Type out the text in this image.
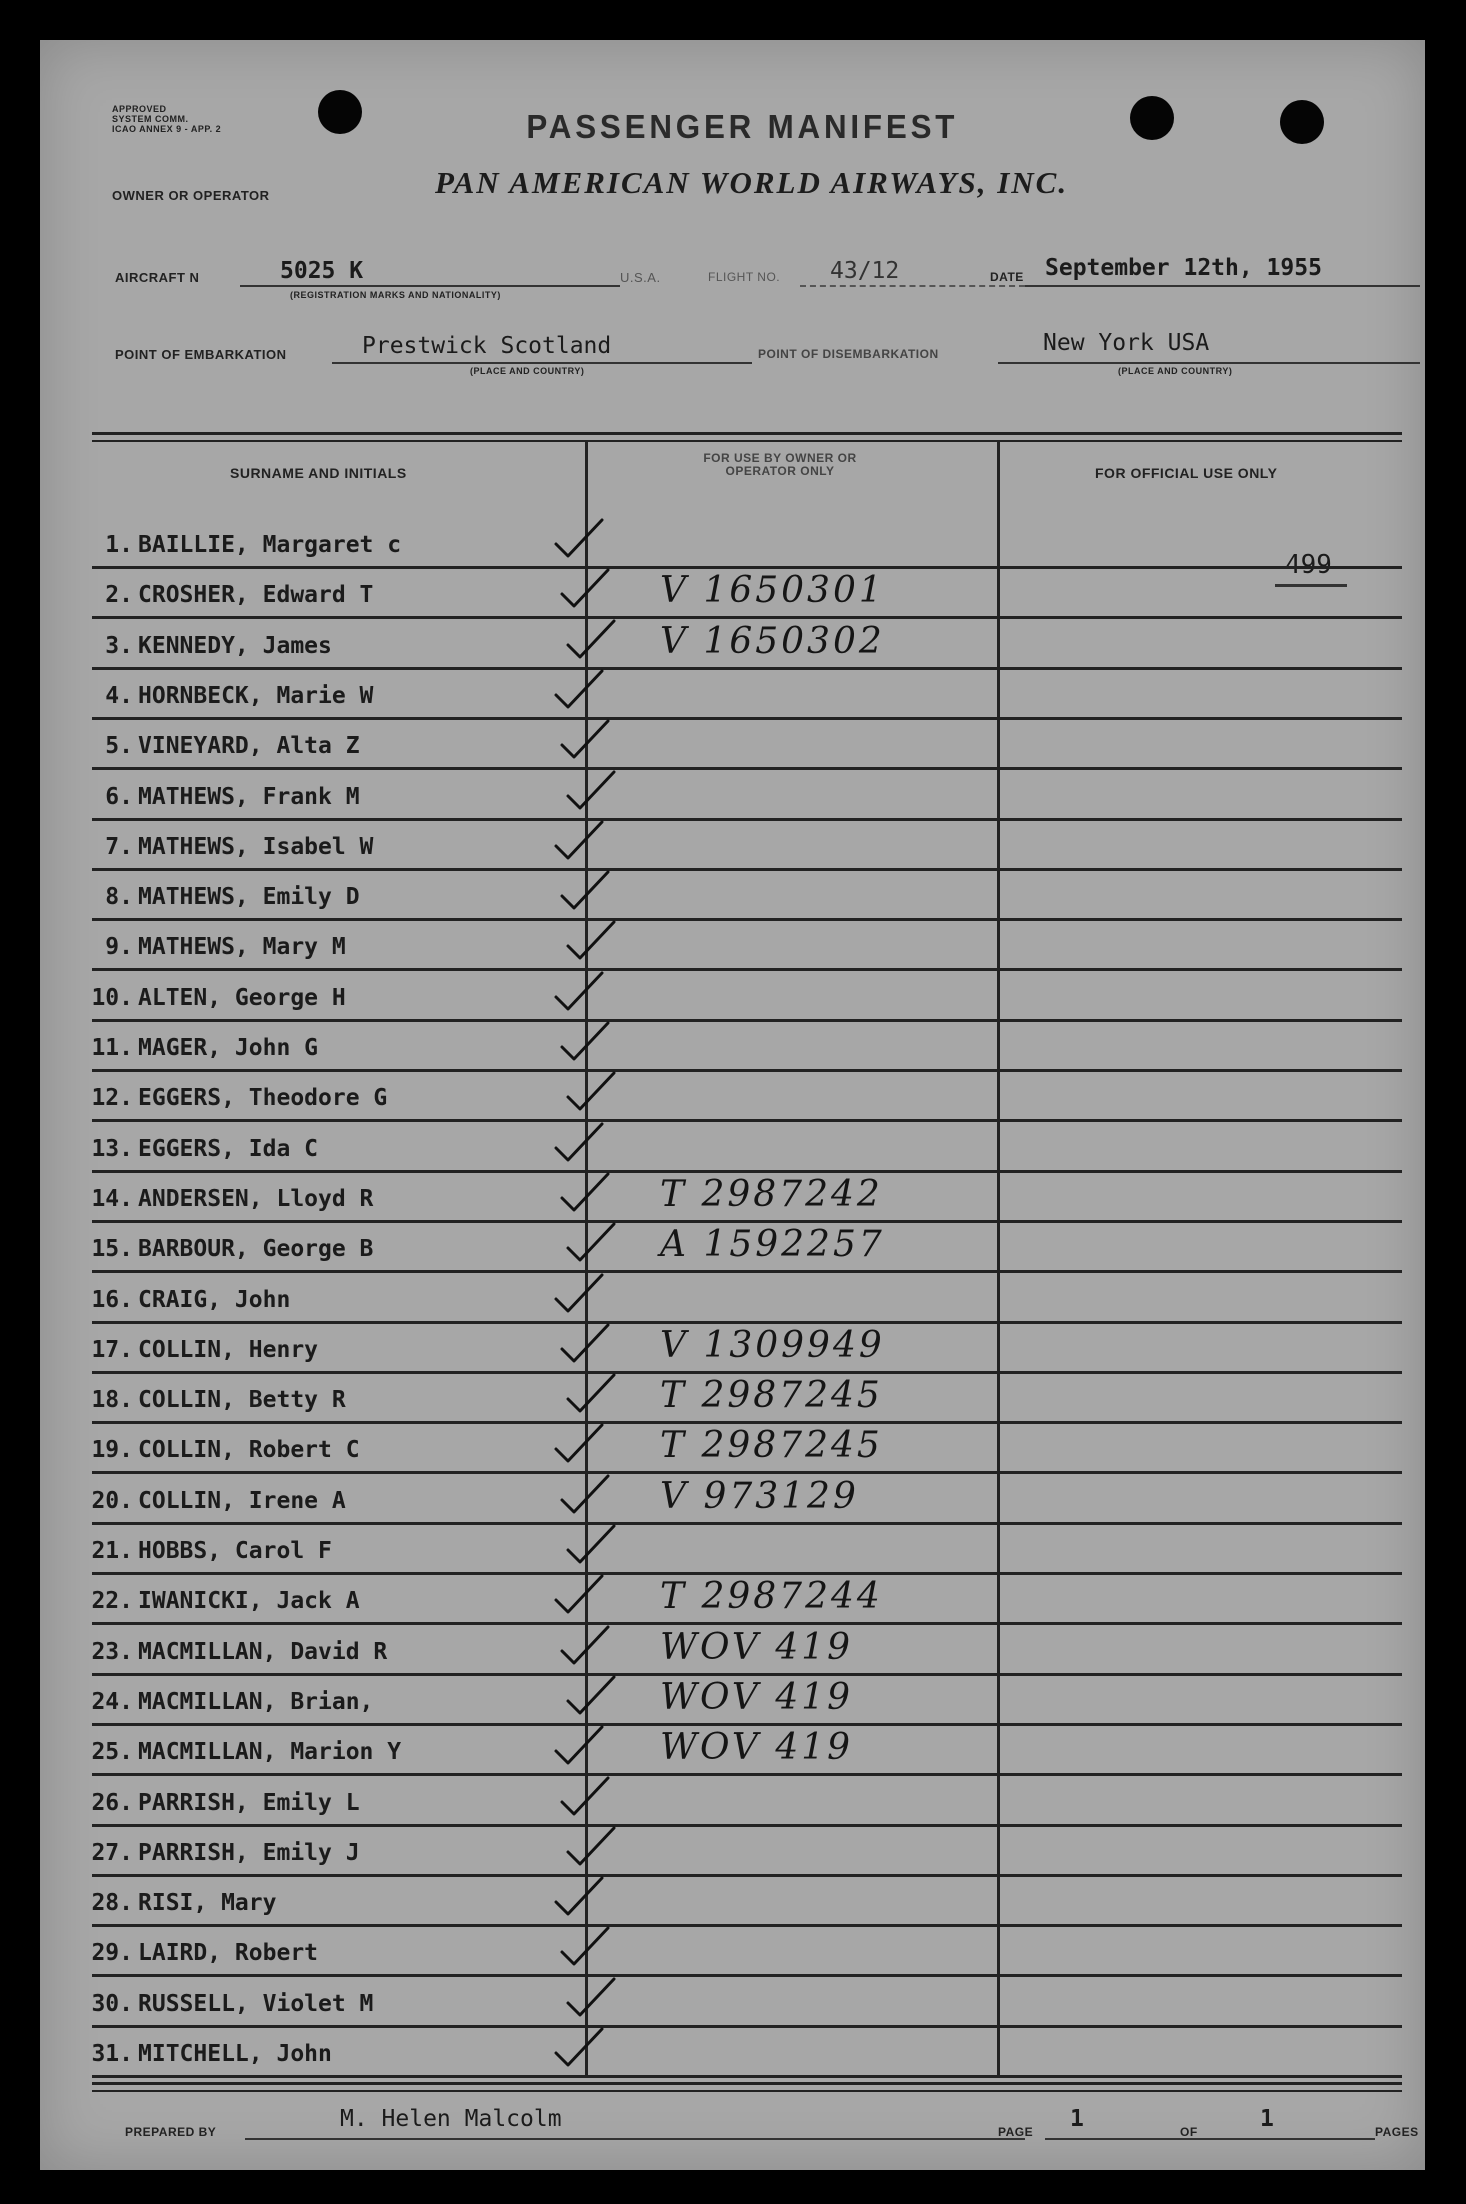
APPROVED
SYSTEM COMM.
ICAO ANNEX 9 - APP. 2	PASSENGER MANIFEST
OWNER OR OPERATOR	PAN AMERICAN WORLD AIRWAYS, INC.
AIRCRAFT N	5025 K
(REGISTRATION MARKS AND NATIONALITY)
U.S.A.	FLIGHT NO. 43/12	DATE September 12th, 1955
POINT OF EMBARKATION	Prestwick Scotland
(PLACE AND COUNTRY)
POINT OF DISEMBARKATION	New York USA
(PLACE AND COUNTRY)
SURNAME AND INITIALS
FOR USE BY OWNER OR OPERATOR ONLY	FOR OFFICIAL USE ONLY
499
1. BAILLIE, Margaret c
2. CROSHER, Edward T	V 1650301
3. KENNEDY, James	V 1650302
4. HORNBECK, Marie W
5. VINEYARD, Alta Z
6. MATHEWS, Frank M
7. MATHEWS, Isabel W
8. MATHEWS, Emily D
9. MATHEWS, Mary M
10. ALTEN, George H
11. MAGER, John G
12. EGGERS, Theodore G
13. EGGERS, Ida C
14. ANDERSEN, Lloyd R	T 2987242
15. BARBOUR, George B	A 1592257
16. CRAIG, John
17. COLLIN, Henry	V 1309949
18. COLLIN, Betty R	T 2987245
19. COLLIN, Robert C	T 2987245
20. COLLIN, Irene A	V 973129
21. HOBBS, Carol F
22. IWANICKI, Jack A	T 2987244
23. MACMILLAN, David R	WOV 419
24. MACMILLAN, Brian,	WOV 419
25. MACMILLAN, Marion Y	WOV 419
26. PARRISH, Emily L
27. PARRISH, Emily J
28. RISI, Mary
29. LAIRD, Robert
30. RUSSELL, Violet M
31. MITCHELL, John
PREPARED BY	M. Helen Malcolm	PAGE 1	OF	1	PAGES
